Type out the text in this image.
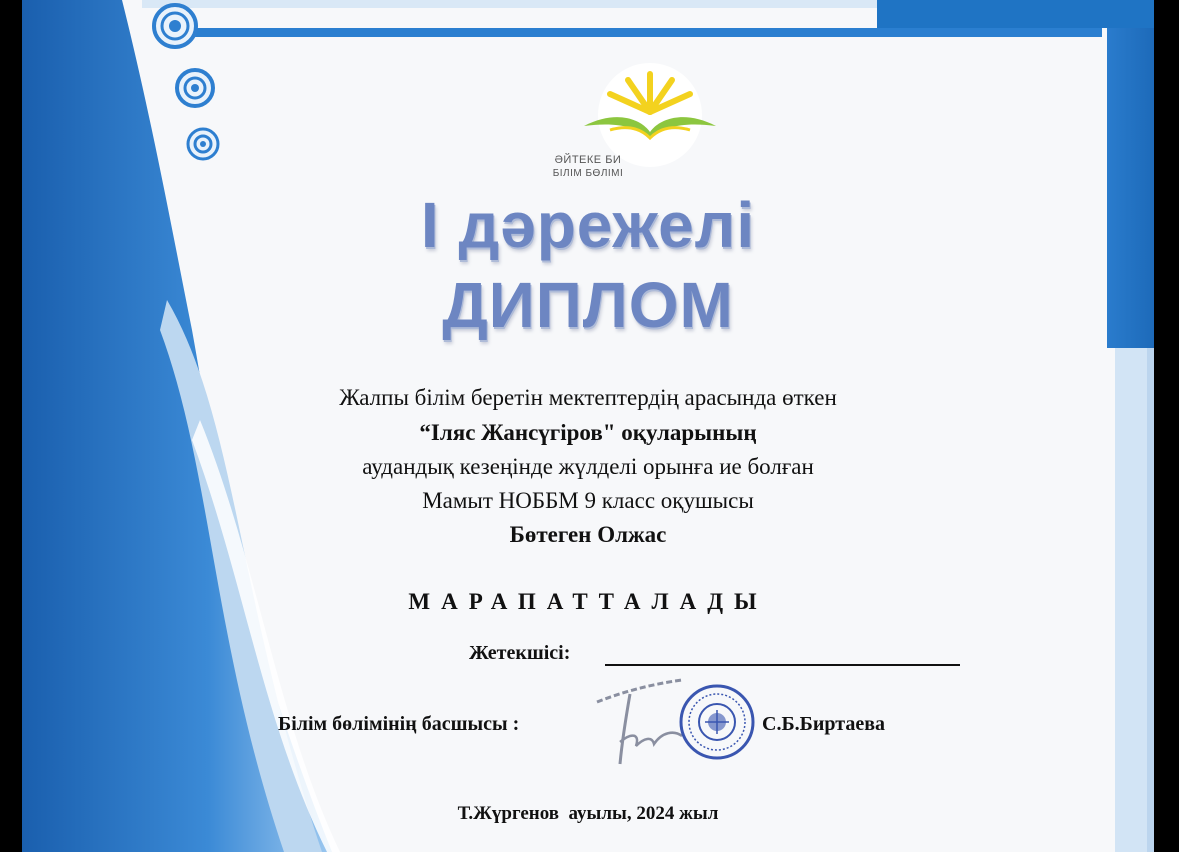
ӘЙТЕКЕ БИ
БІЛІМ БӨЛІМІ
І дәрежелі
ДИПЛОМ
Жалпы білім беретін мектептердің арасында өткен
“Іляс Жансүгіров" оқуларының
аудандық кезеңінде жүлделі орынға ие болған
Мамыт НОББМ 9 класс оқушысы
Бөтеген Олжас
МАРАПАТТАЛАДЫ
Жетекшісі:
Білім бөлімінің басшысы :	С.Б.Биртаева
Т.Жүргенов  ауылы, 2024 жыл
